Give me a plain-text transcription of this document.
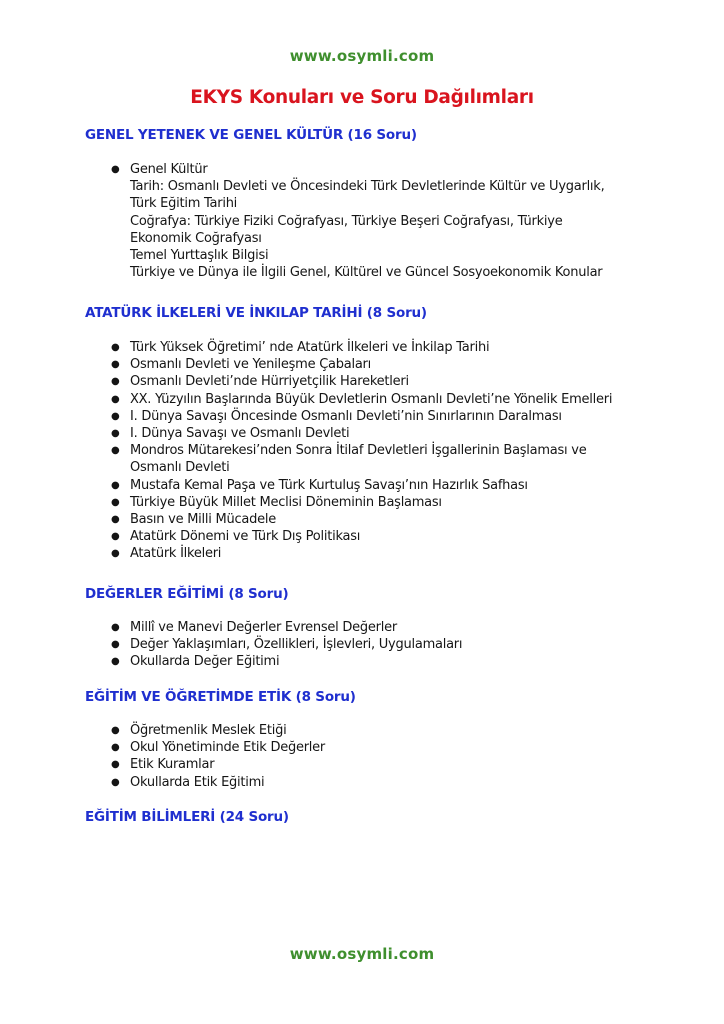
www.osymli.com
EKYS Konuları ve Soru Dağılımları
GENEL YETENEK VE GENEL KÜLTÜR (16 Soru)
● Genel Kültür
Tarih: Osmanlı Devleti ve Öncesindeki Türk Devletlerinde Kültür ve Uygarlık,
Türk Eğitim Tarihi
Coğrafya: Türkiye Fiziki Coğrafyası, Türkiye Beşeri Coğrafyası, Türkiye
Ekonomik Coğrafyası
Temel Yurttaşlık Bilgisi
Türkiye ve Dünya ile İlgili Genel, Kültürel ve Güncel Sosyoekonomik Konular
ATATÜRK İLKELERİ VE İNKILAP TARİHİ (8 Soru)
● Türk Yüksek Öğretimi’ nde Atatürk İlkeleri ve İnkilap Tarihi
● Osmanlı Devleti ve Yenileşme Çabaları
● Osmanlı Devleti’nde Hürriyetçilik Hareketleri
● XX. Yüzyılın Başlarında Büyük Devletlerin Osmanlı Devleti’ne Yönelik Emelleri
● I. Dünya Savaşı Öncesinde Osmanlı Devleti’nin Sınırlarının Daralması
● I. Dünya Savaşı ve Osmanlı Devleti
● Mondros Mütarekesi’nden Sonra İtilaf Devletleri İşgallerinin Başlaması ve
Osmanlı Devleti
● Mustafa Kemal Paşa ve Türk Kurtuluş Savaşı’nın Hazırlık Safhası
● Türkiye Büyük Millet Meclisi Döneminin Başlaması
● Basın ve Milli Mücadele
● Atatürk Dönemi ve Türk Dış Politikası
● Atatürk İlkeleri
DEĞERLER EĞİTİMİ (8 Soru)
● Millî ve Manevi Değerler Evrensel Değerler
● Değer Yaklaşımları, Özellikleri, İşlevleri, Uygulamaları
● Okullarda Değer Eğitimi
EĞİTİM VE ÖĞRETİMDE ETİK (8 Soru)
● Öğretmenlik Meslek Etiği
● Okul Yönetiminde Etik Değerler
● Etik Kuramlar
● Okullarda Etik Eğitimi
EĞİTİM BİLİMLERİ (24 Soru)
www.osymli.com
